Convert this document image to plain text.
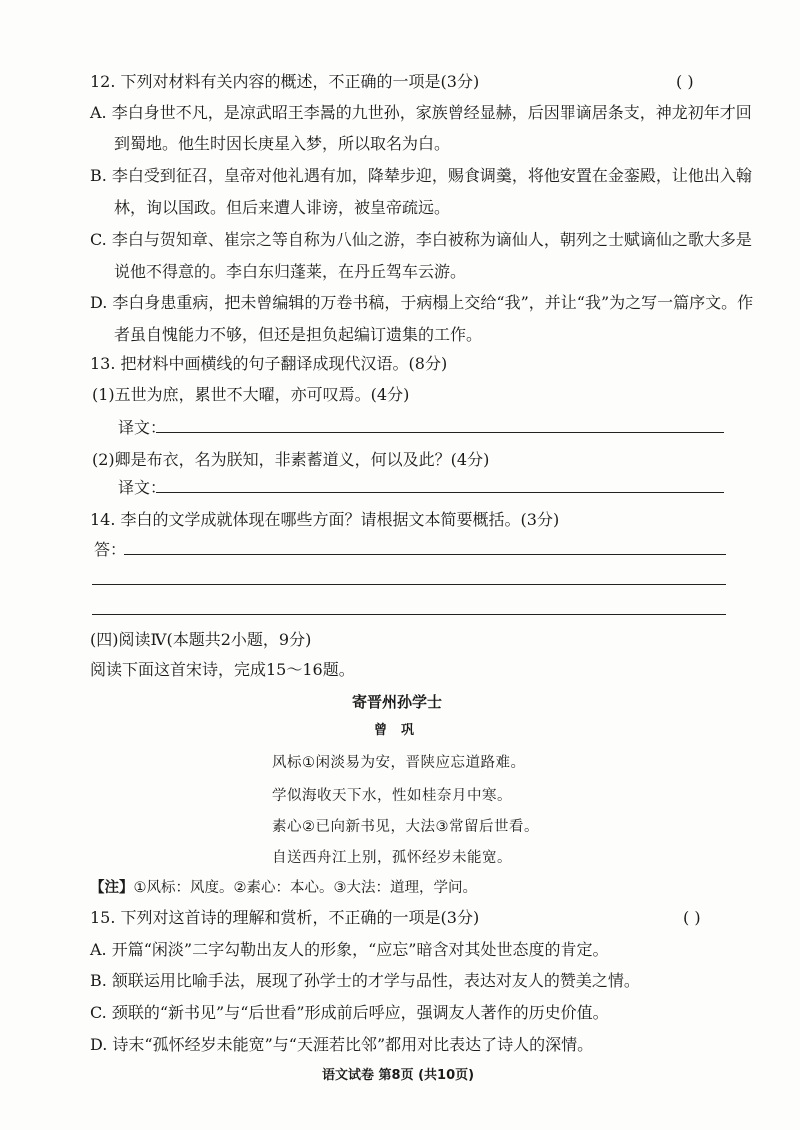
12. 下列对材料有关内容的概述，不正确的一项是(3分)	( )
A. 李白身世不凡，是凉武昭王李暠的九世孙，家族曾经显赫，后因罪谪居条支，神龙初年才回
到蜀地。他生时因长庚星入梦，所以取名为白。
B. 李白受到征召，皇帝对他礼遇有加，降辇步迎，赐食调羹，将他安置在金銮殿，让他出入翰
林，询以国政。但后来遭人诽谤，被皇帝疏远。
C. 李白与贺知章、崔宗之等自称为八仙之游，李白被称为谪仙人，朝列之士赋谪仙之歌大多是
说他不得意的。李白东归蓬莱，在丹丘驾车云游。
D. 李白身患重病，把未曾编辑的万卷书稿，于病榻上交给“我”，并让“我”为之写一篇序文。作
者虽自愧能力不够，但还是担负起编订遗集的工作。
13. 把材料中画横线的句子翻译成现代汉语。(8分)
(1)五世为庶，累世不大曜，亦可叹焉。(4分)
译文：
(2)卿是布衣，名为朕知，非素蓄道义，何以及此？(4分)
译文：
14. 李白的文学成就体现在哪些方面？请根据文本简要概括。(3分)
答：
(四)阅读Ⅳ(本题共2小题，9分)
阅读下面这首宋诗，完成15～16题。
寄晋州孙学士
曾巩
风标①闲淡易为安，晋陕应忘道路难。
学似海收天下水，性如桂奈月中寒。
素心②已向新书见，大法③常留后世看。
自送西舟江上别，孤怀经岁未能宽。
【注】①风标：风度。②素心：本心。③大法：道理，学问。
15. 下列对这首诗的理解和赏析，不正确的一项是(3分)	( )
A. 开篇“闲淡”二字勾勒出友人的形象，“应忘”暗含对其处世态度的肯定。
B. 颔联运用比喻手法，展现了孙学士的才学与品性，表达对友人的赞美之情。
C. 颈联的“新书见”与“后世看”形成前后呼应，强调友人著作的历史价值。
D. 诗末“孤怀经岁未能宽”与“天涯若比邻”都用对比表达了诗人的深情。
语文试卷 第8页 (共10页)
